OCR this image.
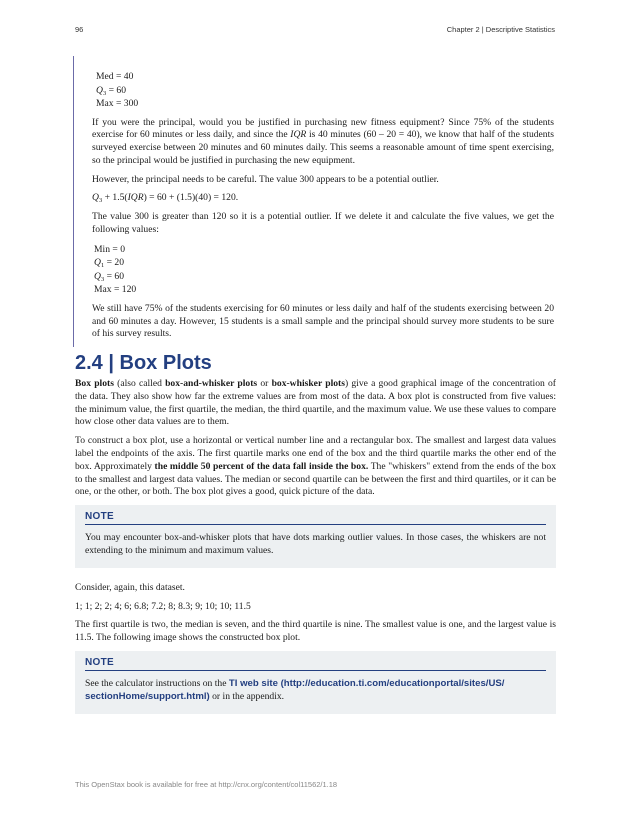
96	Chapter 2 | Descriptive Statistics
Med = 40
$Q_3 = 60$
Max = 300

If you were the principal, would you be justified in purchasing new fitness equipment? Since 75% of the students exercise for 60 minutes or less daily, and since the IQR is 40 minutes (60 – 20 = 40), we know that half of the students surveyed exercise between 20 minutes and 60 minutes daily. This seems a reasonable amount of time spent exercising, so the principal would be justified in purchasing the new equipment.

However, the principal needs to be careful. The value 300 appears to be a potential outlier.

$Q_3 + 1.5(IQR) = 60 + (1.5)(40) = 120$.

The value 300 is greater than 120 so it is a potential outlier. If we delete it and calculate the five values, we get the following values:

Min = 0
$Q_1 = 20$
$Q_3 = 60$
Max = 120

We still have 75% of the students exercising for 60 minutes or less daily and half of the students exercising between 20 and 60 minutes a day. However, 15 students is a small sample and the principal should survey more students to be sure of his survey results.

2.4 | Box Plots

Box plots (also called box-and-whisker plots or box-whisker plots) give a good graphical image of the concentration of the data. They also show how far the extreme values are from most of the data. A box plot is constructed from five values: the minimum value, the first quartile, the median, the third quartile, and the maximum value. We use these values to compare how close other data values are to them.

To construct a box plot, use a horizontal or vertical number line and a rectangular box. The smallest and largest data values label the endpoints of the axis. The first quartile marks one end of the box and the third quartile marks the other end of the box. Approximately the middle 50 percent of the data fall inside the box. The "whiskers" extend from the ends of the box to the smallest and largest data values. The median or second quartile can be between the first and third quartiles, or it can be one, or the other, or both. The box plot gives a good, quick picture of the data.

NOTE

You may encounter box-and-whisker plots that have dots marking outlier values. In those cases, the whiskers are not extending to the minimum and maximum values.

Consider, again, this dataset.

1; 1; 2; 2; 4; 6; 6.8; 7.2; 8; 8.3; 9; 10; 10; 11.5

The first quartile is two, the median is seven, and the third quartile is nine. The smallest value is one, and the largest value is 11.5. The following image shows the constructed box plot.

NOTE

See the calculator instructions on the TI web site (http://education.ti.com/educationportal/sites/US/
sectionHome/support.html) or in the appendix.

This OpenStax book is available for free at http://cnx.org/content/col11562/1.18
